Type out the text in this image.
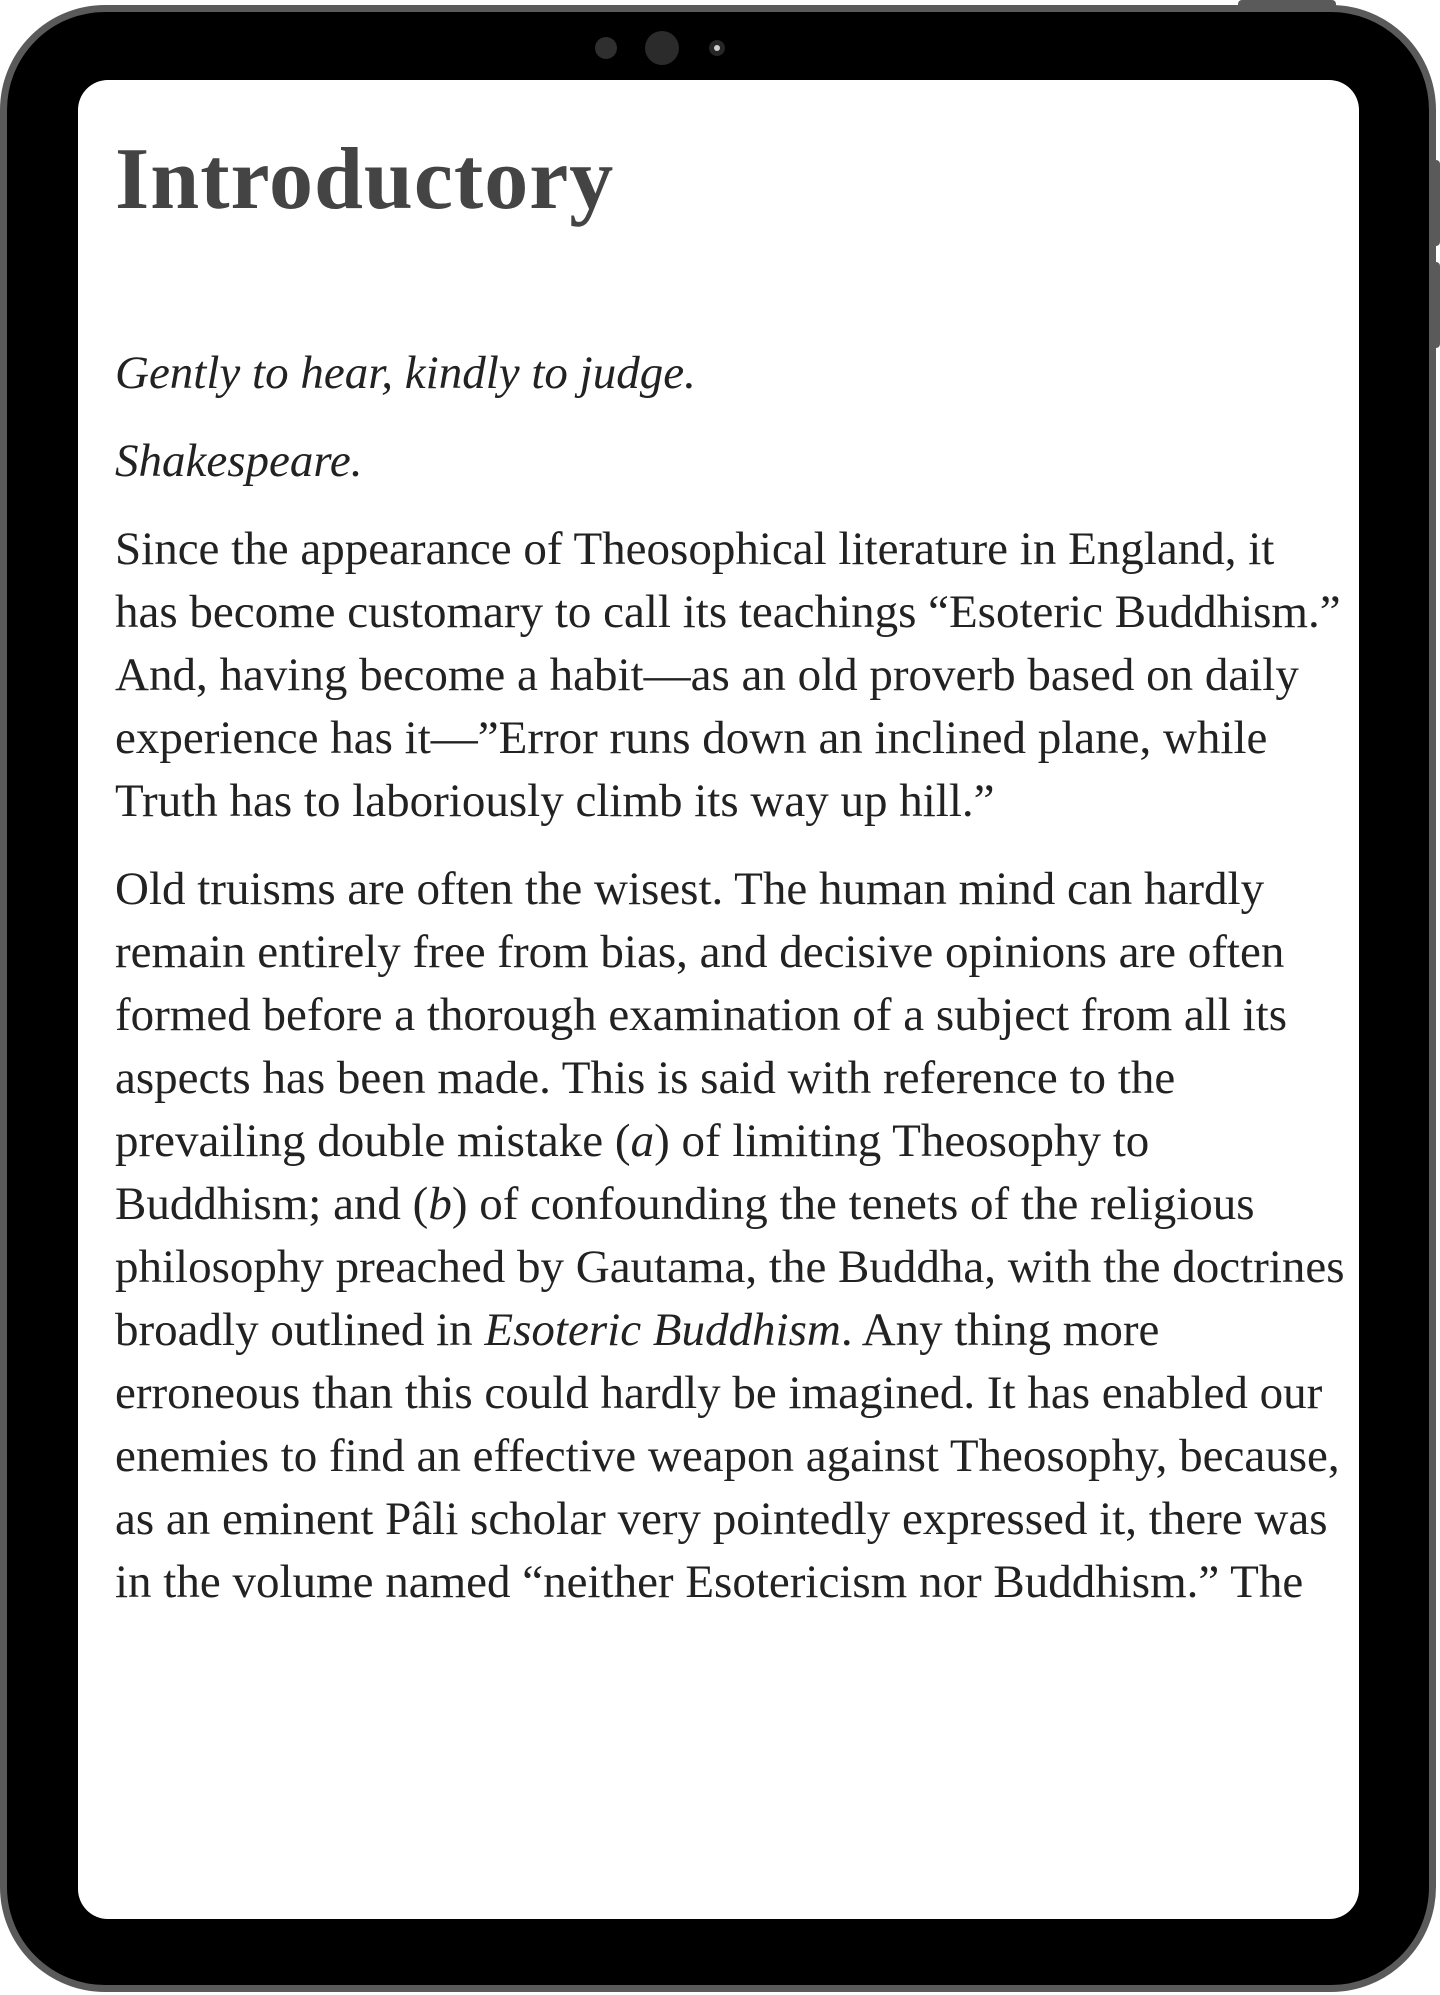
Introductory

Gently to hear, kindly to judge.

Shakespeare.

Since the appearance of Theosophical literature in England, it has become customary to call its teachings “Esoteric Buddhism.” And, having become a habit—as an old proverb based on daily experience has it—”Error runs down an inclined plane, while Truth has to laboriously climb its way up hill.”

Old truisms are often the wisest. The human mind can hardly remain entirely free from bias, and decisive opinions are often formed before a thorough examination of a subject from all its aspects has been made. This is said with reference to the prevailing double mistake (a) of limiting Theosophy to Buddhism; and (b) of confounding the tenets of the religious philosophy preached by Gautama, the Buddha, with the doctrines broadly outlined in Esoteric Buddhism. Any thing more erroneous than this could hardly be imagined. It has enabled our enemies to find an effective weapon against Theosophy, because, as an eminent Pâli scholar very pointedly expressed it, there was in the volume named “neither Esotericism nor Buddhism.” The
